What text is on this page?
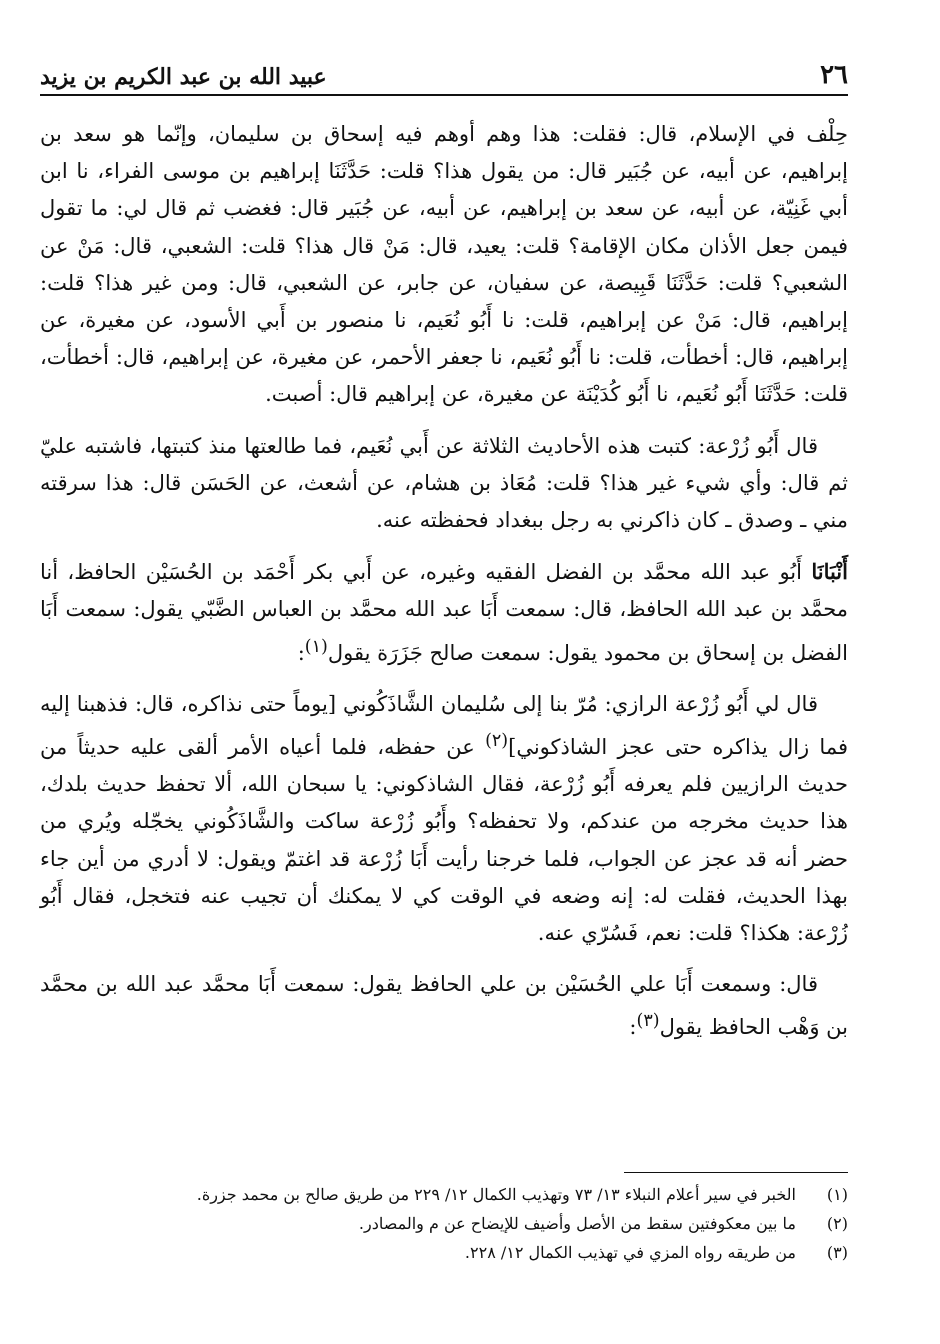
٢٦
عبيد الله بن عبد الكريم بن يزيد

حِلْف في الإسلام، قال: فقلت: هذا وهم أوهم فيه إسحاق بن سليمان، وإنّما هو سعد بن إبراهيم، عن أبيه، عن جُبَير قال: من يقول هذا؟ قلت: حَدَّثَنَا إبراهيم بن موسى الفراء، نا ابن أبي غَنِيّة، عن أبيه، عن سعد بن إبراهيم، عن أبيه، عن جُبَير قال: فغضب ثم قال لي: ما تقول فيمن جعل الأذان مكان الإقامة؟ قلت: يعيد، قال: مَنْ قال هذا؟ قلت: الشعبي، قال: مَنْ عن الشعبي؟ قلت: حَدَّثَنَا قَبِيصة، عن سفيان، عن جابر، عن الشعبي، قال: ومن غير هذا؟ قلت: إبراهيم، قال: مَنْ عن إبراهيم، قلت: نا أَبُو نُعَيم، نا منصور بن أَبي الأسود، عن مغيرة، عن إبراهيم، قال: أخطأت، قلت: نا أَبُو نُعَيم، نا جعفر الأحمر، عن مغيرة، عن إبراهيم، قال: أخطأت، قلت: حَدَّثَنَا أَبُو نُعَيم، نا أَبُو كُدَيْنَة عن مغيرة، عن إبراهيم قال: أصبت.

قال أَبُو زُرْعة: كتبت هذه الأحاديث الثلاثة عن أَبي نُعَيم، فما طالعتها منذ كتبتها، فاشتبه عليّ ثم قال: وأي شيء غير هذا؟ قلت: مُعَاذ بن هشام، عن أشعث، عن الحَسَن قال: هذا سرقته مني ـ وصدق ـ كان ذاكرني به رجل ببغداد فحفظته عنه.

أَنْبَانَا أَبُو عبد الله محمَّد بن الفضل الفقيه وغيره، عن أَبي بكر أَحْمَد بن الحُسَيْن الحافظ، أنا محمَّد بن عبد الله الحافظ، قال: سمعت أَبَا عبد الله محمَّد بن العباس الضَّبّي يقول: سمعت أَبَا الفضل بن إسحاق بن محمود يقول: سمعت صالح جَزَرَة يقول$^{(١)}$:

قال لي أَبُو زُرْعة الرازي: مُرّ بنا إلى سُليمان الشَّاذَكُوني [يوماً حتى نذاكره، قال: فذهبنا إليه فما زال يذاكره حتى عجز الشاذكوني]$^{(٢)}$ عن حفظه، فلما أعياه الأمر ألقى عليه حديثاً من حديث الرازيين فلم يعرفه أَبُو زُرْعة، فقال الشاذكوني: يا سبحان الله، ألا تحفظ حديث بلدك، هذا حديث مخرجه من عندكم، ولا تحفظه؟ وأَبُو زُرْعة ساكت والشَّاذَكُوني يخجّله ويُري من حضر أنه قد عجز عن الجواب، فلما خرجنا رأيت أَبَا زُرْعة قد اغتمّ ويقول: لا أدري من أين جاء بهذا الحديث، فقلت له: إنه وضعه في الوقت كي لا يمكنك أن تجيب عنه فتخجل، فقال أَبُو زُرْعة: هكذا؟ قلت: نعم، فَسُرّي عنه.

قال: وسمعت أَبَا علي الحُسَيْن بن علي الحافظ يقول: سمعت أَبَا محمَّد عبد الله بن محمَّد بن وَهْب الحافظ يقول$^{(٣)}$:

(١)
الخبر في سير أعلام النبلاء ١٣/ ٧٣ وتهذيب الكمال ١٢/ ٢٢٩ من طريق صالح بن محمد جزرة.
(٢)
ما بين معكوفتين سقط من الأصل وأضيف للإيضاح عن م والمصادر.
(٣)
من طريقه رواه المزي في تهذيب الكمال ١٢/ ٢٢٨.
